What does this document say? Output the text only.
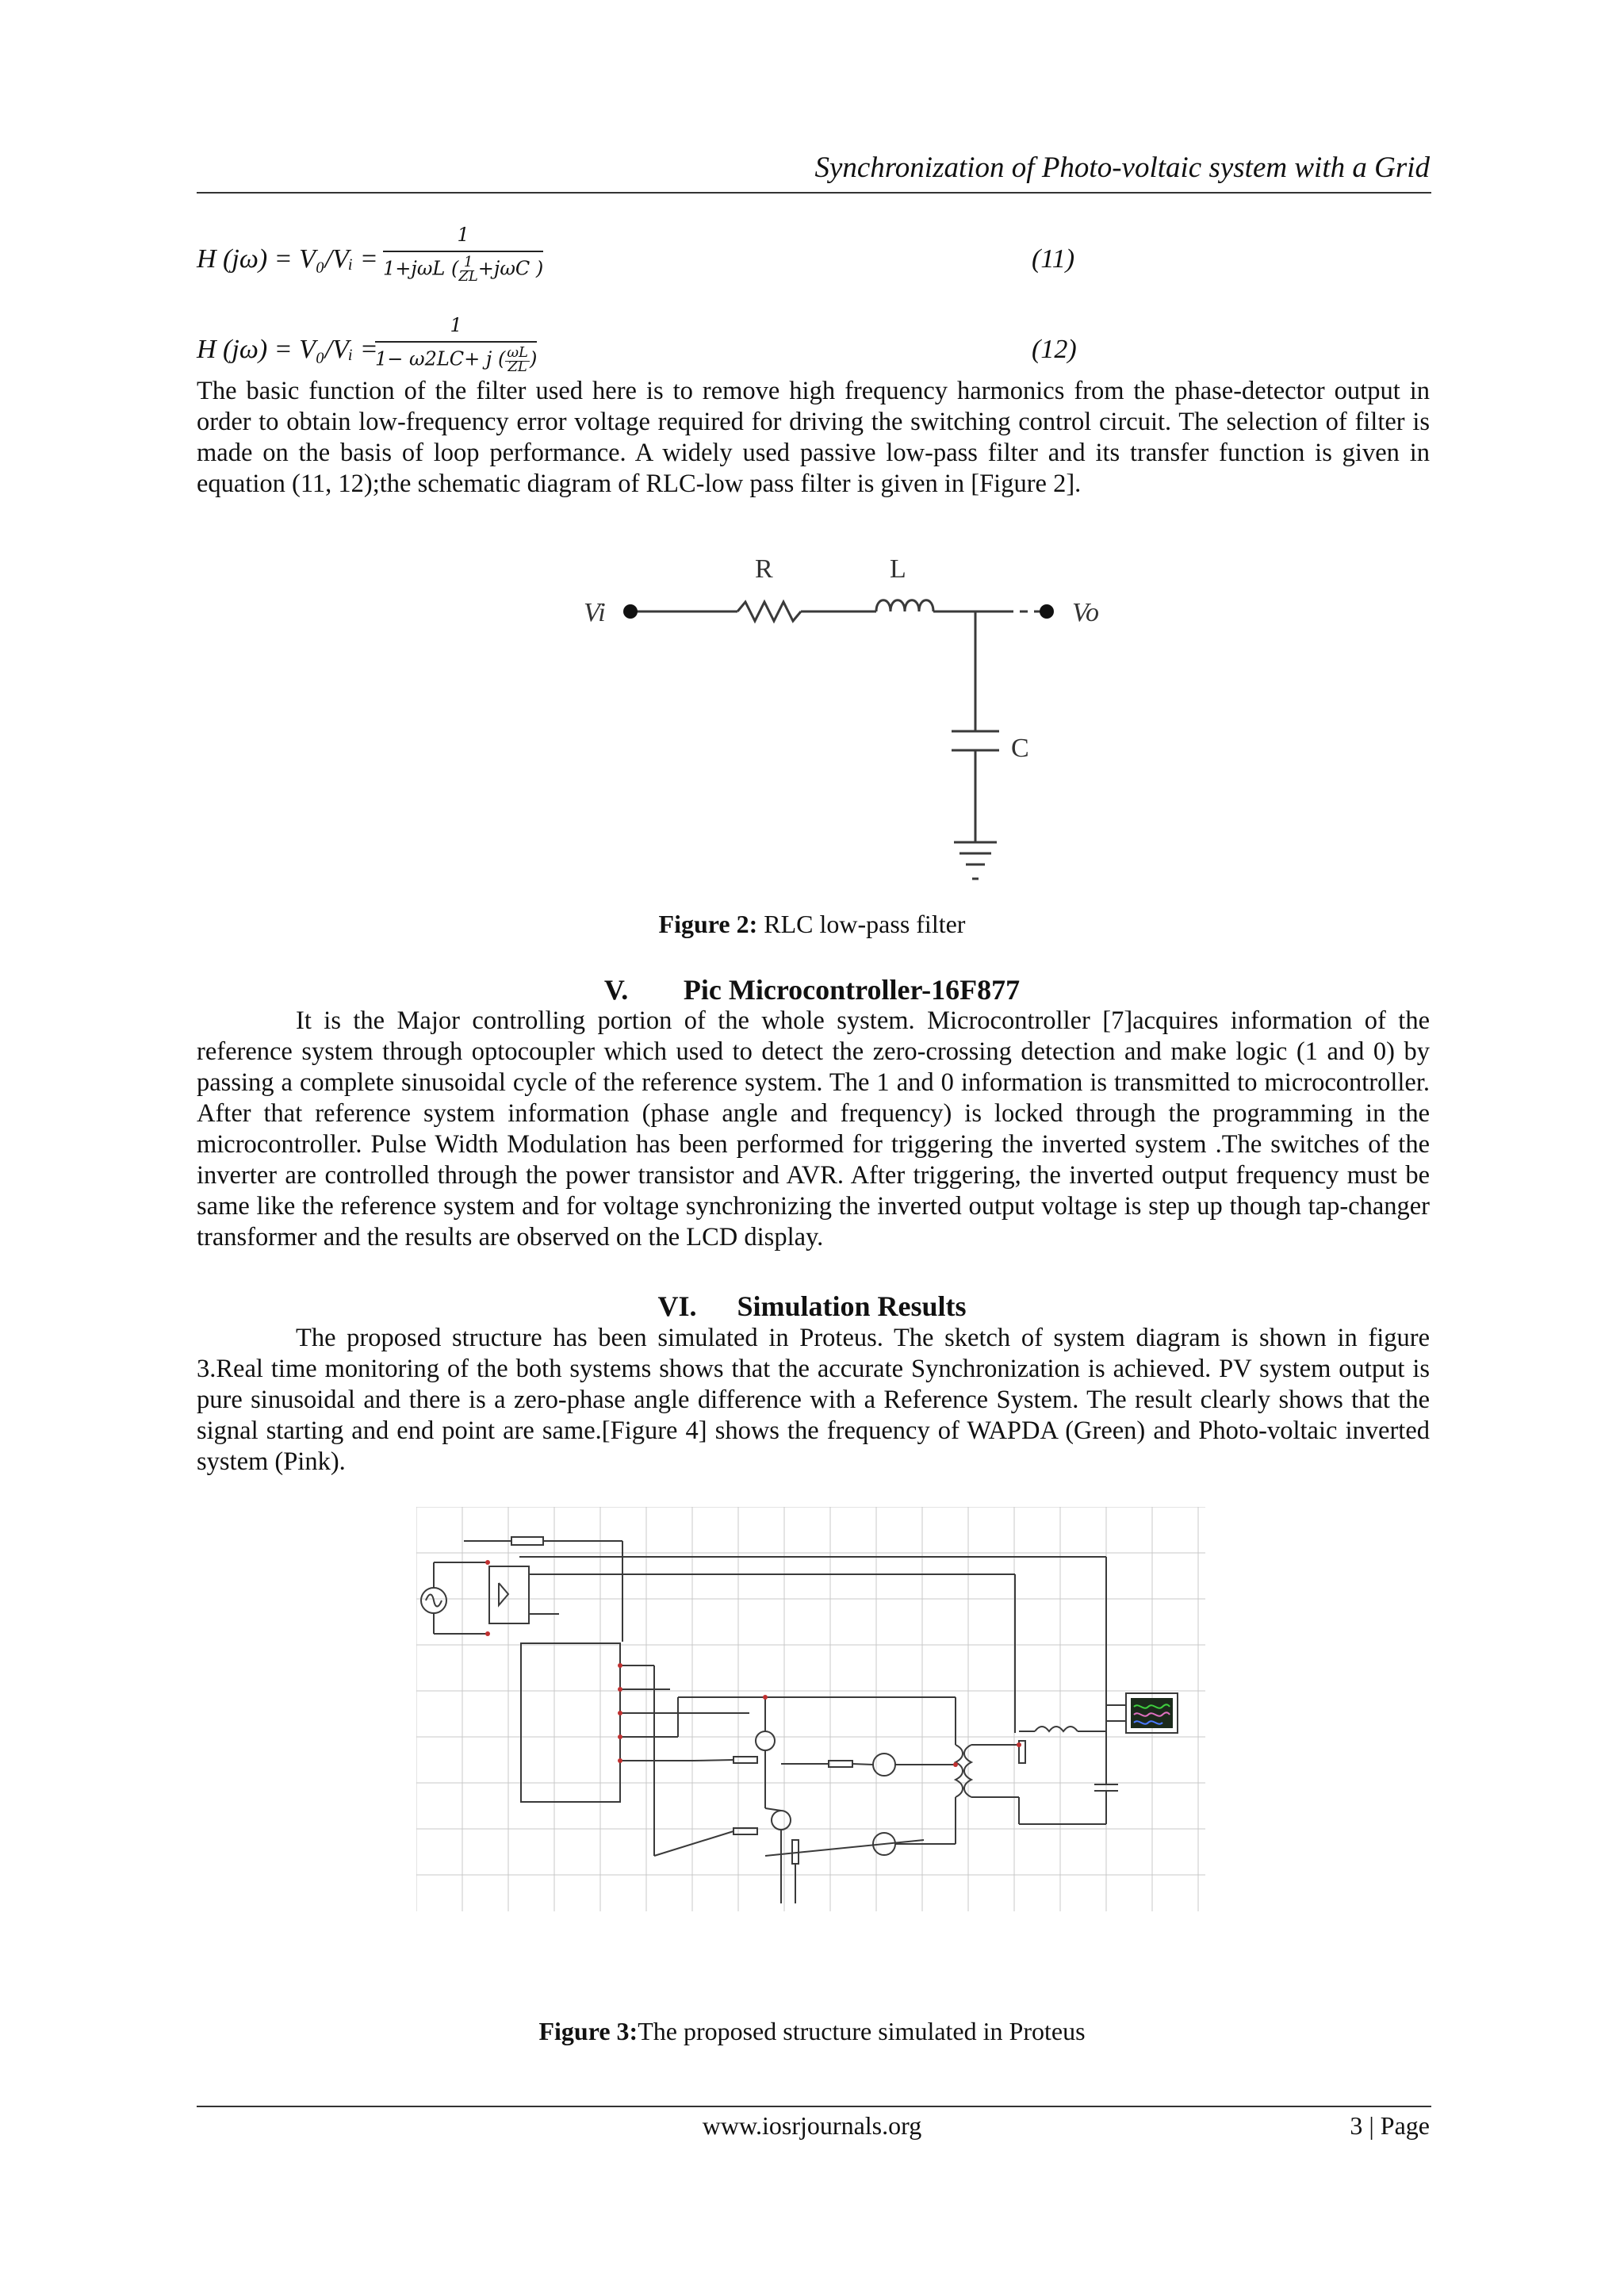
Synchronization of Photo-voltaic system with a Grid
H (jω) = V₀/Vᵢ =
1
1+jωL ($\frac{1}{ZL}+j\omega C$ )	(11)
H (jω) = V₀/Vᵢ =
1
1− ω2LC+ j $(\frac{\omega L}{ZL})$	(12)
The basic function of the filter used here is to remove high frequency harmonics from the phase-detector output in order to obtain low-frequency error voltage required for driving the switching control circuit. The selection of filter is made on the basis of loop performance. A widely used passive low-pass filter and its transfer function is given in equation (11, 12);the schematic diagram of RLC-low pass filter is given in [Figure 2].
Vi
R	L
Vo
C
Figure 2: RLC low-pass filter
V. Pic Microcontroller-16F877
It is the Major controlling portion of the whole system. Microcontroller [7]acquires information of the reference system through optocoupler which used to detect the zero-crossing detection and make logic (1 and 0) by passing a complete sinusoidal cycle of the reference system. The 1 and 0 information is transmitted to microcontroller. After that reference system information (phase angle and frequency) is locked through the programming in the microcontroller. Pulse Width Modulation has been performed for triggering the inverted system .The switches of the inverter are controlled through the power transistor and AVR. After triggering, the inverted output frequency must be same like the reference system and for voltage synchronizing the inverted output voltage is step up though tap-changer transformer and the results are observed on the LCD display.
VI. Simulation Results
The proposed structure has been simulated in Proteus. The sketch of system diagram is shown in figure 3.Real time monitoring of the both systems shows that the accurate Synchronization is achieved. PV system output is pure sinusoidal and there is a zero-phase angle difference with a Reference System. The result clearly shows that the signal starting and end point are same.[Figure 4] shows the frequency of WAPDA (Green) and Photo-voltaic inverted system (Pink).
Figure 3:The proposed structure simulated in Proteus
www.iosrjournals.org	3 | Page
